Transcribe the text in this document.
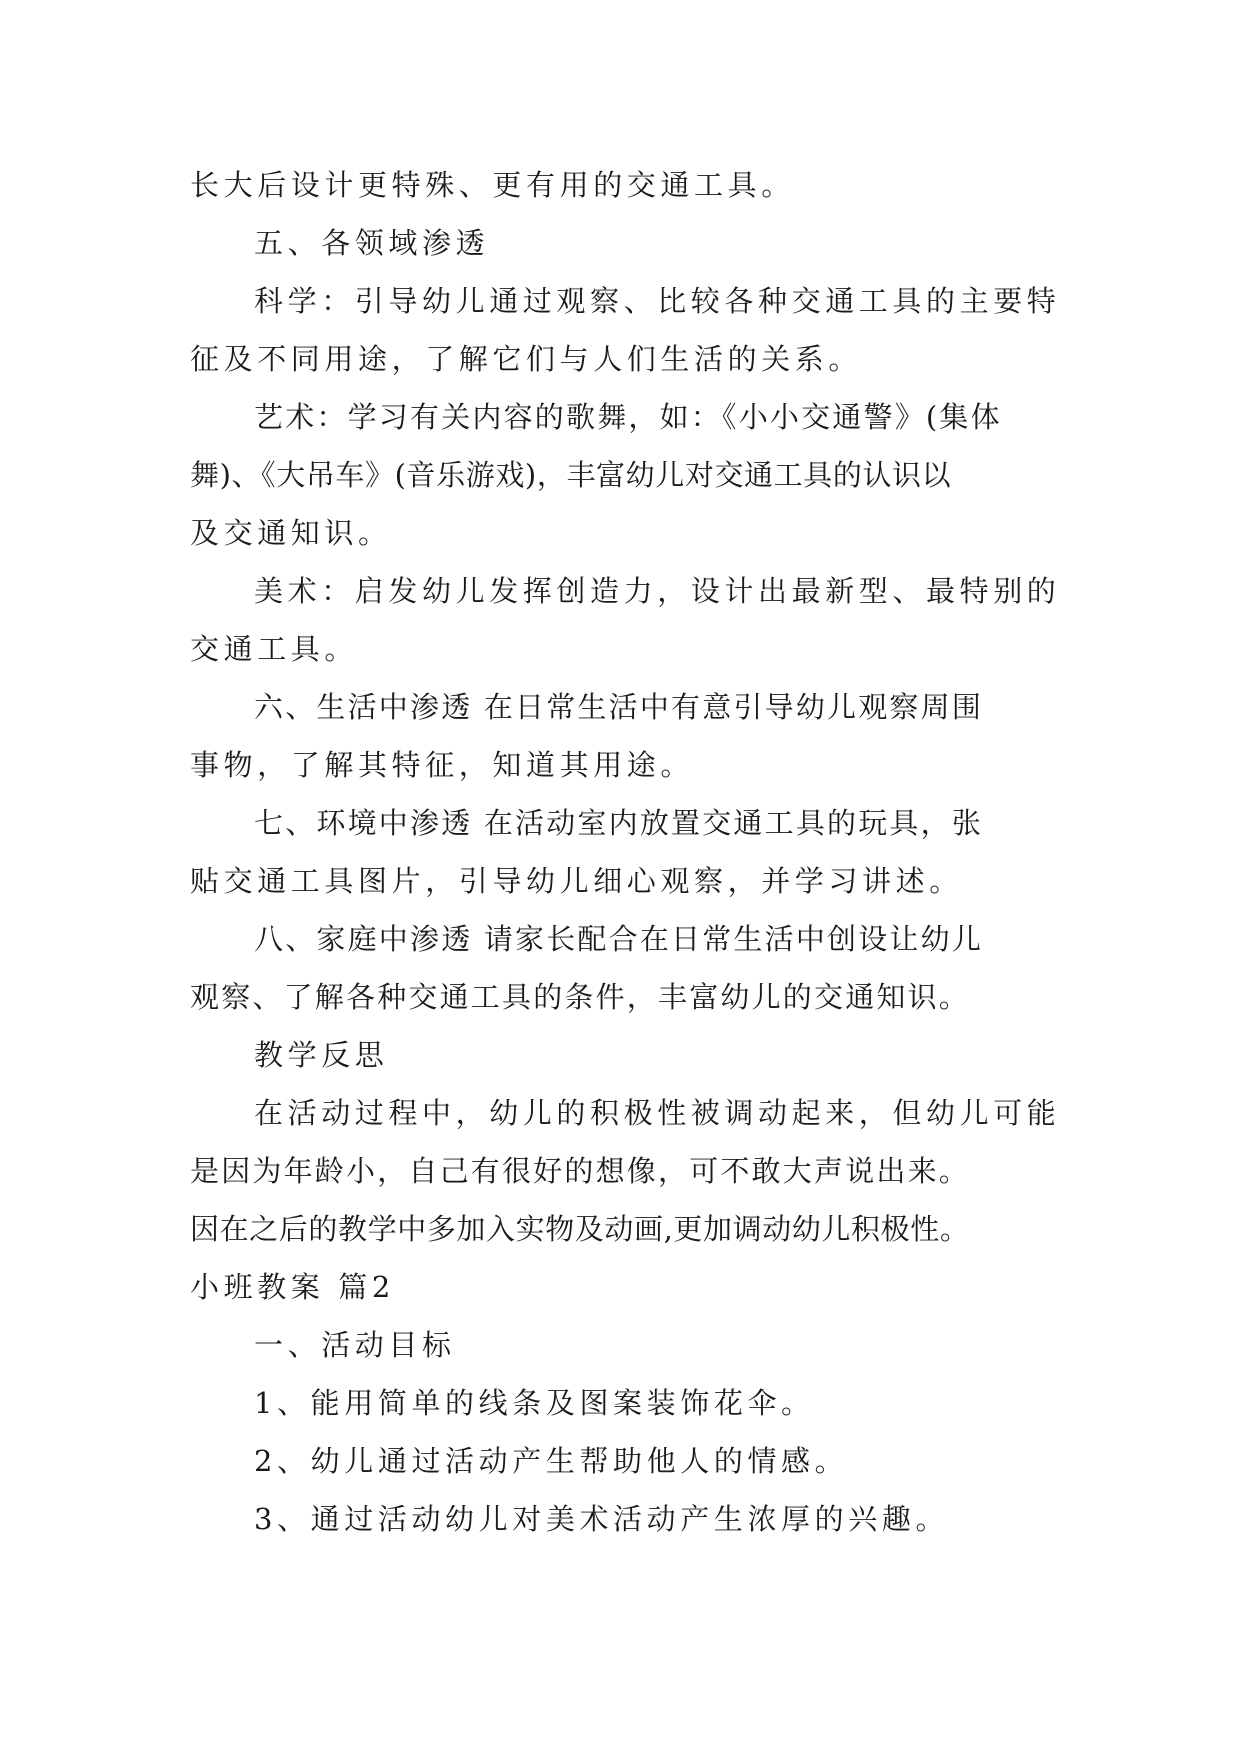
长大后设计更特殊、更有用的交通工具。
五、各领域渗透
科学：引导幼儿通过观察、比较各种交通工具的主要特
征及不同用途，了解它们与人们生活的关系。
艺术：学习有关内容的歌舞，如：《小小交通警》(集体
舞)、《大吊车》(音乐游戏)，丰富幼儿对交通工具的认识以
及交通知识。
美术：启发幼儿发挥创造力，设计出最新型、最特别的
交通工具。
六、生活中渗透 在日常生活中有意引导幼儿观察周围
事物，了解其特征，知道其用途。
七、环境中渗透 在活动室内放置交通工具的玩具，张
贴交通工具图片，引导幼儿细心观察，并学习讲述。
八、家庭中渗透 请家长配合在日常生活中创设让幼儿
观察、了解各种交通工具的条件，丰富幼儿的交通知识。
教学反思
在活动过程中，幼儿的积极性被调动起来，但幼儿可能
是因为年龄小，自己有很好的想像，可不敢大声说出来。
因在之后的教学中多加入实物及动画,更加调动幼儿积极性。
小班教案 篇2
一、活动目标
1、能用简单的线条及图案装饰花伞。
2、幼儿通过活动产生帮助他人的情感。
3、通过活动幼儿对美术活动产生浓厚的兴趣。
